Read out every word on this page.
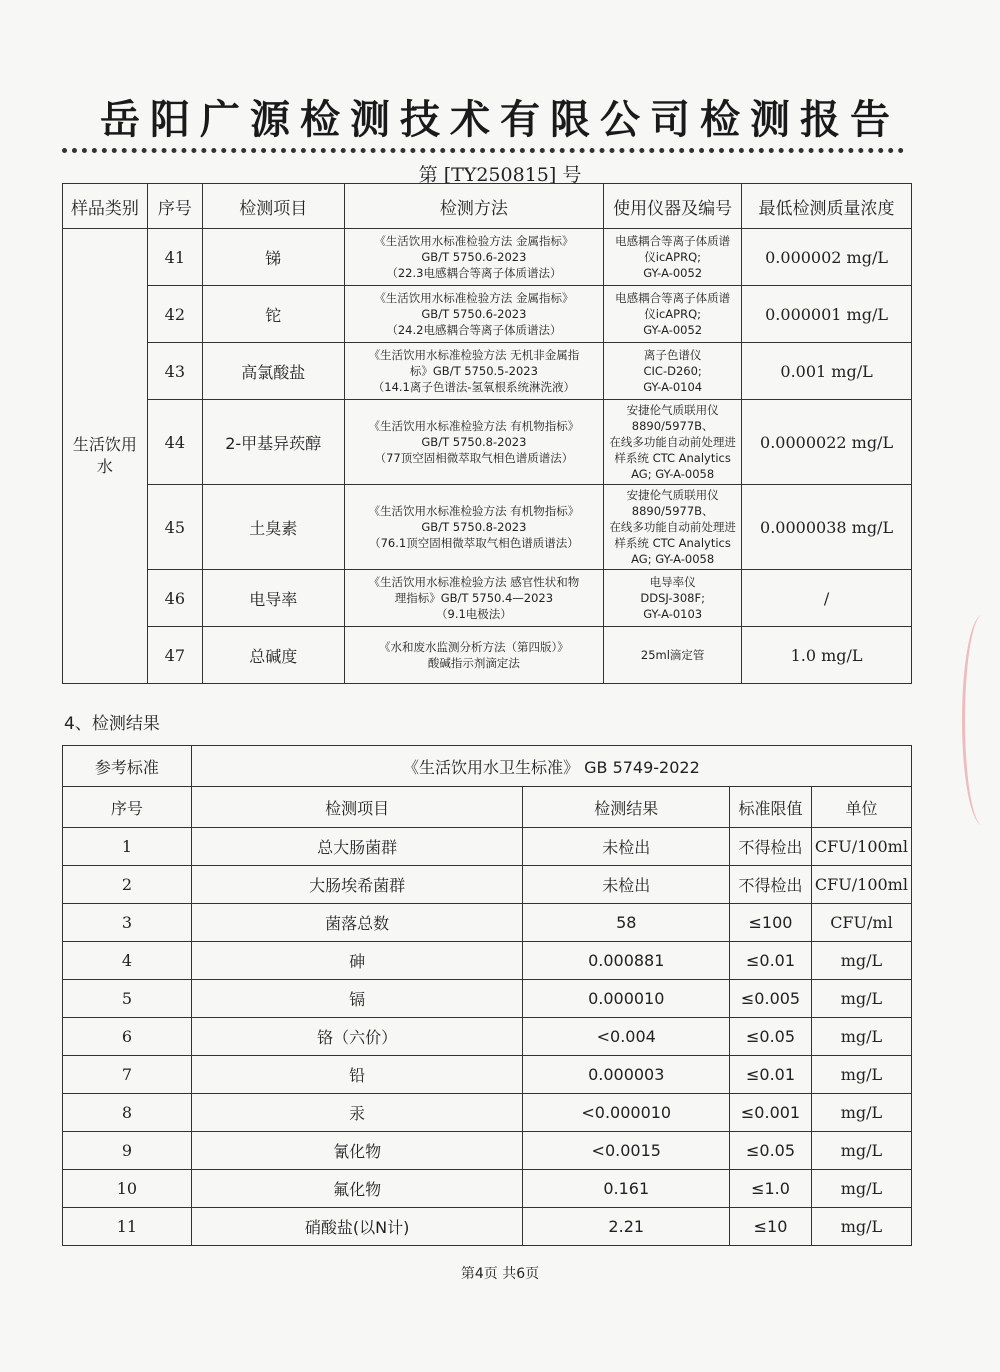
岳阳广源检测技术有限公司检测报告
第 [TY250815] 号
样品类别	序号	检测项目	检测方法	使用仪器及编号	最低检测质量浓度
生活饮用水	41	锑	《生活饮用水标准检验方法 金属指标》
GB/T 5750.6-2023
（22.3电感耦合等离子体质谱法）	电感耦合等离子体质谱
仪icAPRQ;
GY-A-0052	0.000002 mg/L
	42	铊	《生活饮用水标准检验方法 金属指标》
GB/T 5750.6-2023
（24.2电感耦合等离子体质谱法）	电感耦合等离子体质谱
仪icAPRQ;
GY-A-0052	0.000001 mg/L
	43	高氯酸盐	《生活饮用水标准检验方法 无机非金属指
标》GB/T 5750.5-2023
（14.1离子色谱法-氢氧根系统淋洗液）	离子色谱仪
CIC-D260;
GY-A-0104	0.001 mg/L
	44	2-甲基异莰醇	《生活饮用水标准检验方法 有机物指标》
GB/T 5750.8-2023
（77顶空固相微萃取气相色谱质谱法）	安捷伦气质联用仪
8890/5977B、
在线多功能自动前处理进
样系统 CTC Analytics
AG; GY-A-0058	0.0000022 mg/L
	45	土臭素	《生活饮用水标准检验方法 有机物指标》
GB/T 5750.8-2023
（76.1顶空固相微萃取气相色谱质谱法）	安捷伦气质联用仪
8890/5977B、
在线多功能自动前处理进
样系统 CTC Analytics
AG; GY-A-0058	0.0000038 mg/L
	46	电导率	《生活饮用水标准检验方法 感官性状和物
理指标》GB/T 5750.4—2023
（9.1电极法）	电导率仪
DDSJ-308F;
GY-A-0103	/
	47	总碱度	《水和废水监测分析方法（第四版）》
酸碱指示剂滴定法	25ml滴定管	1.0 mg/L
4、检测结果
参考标准	《生活饮用水卫生标准》 GB 5749-2022			
序号	检测项目	检测结果	标准限值	单位
1	总大肠菌群	未检出	不得检出	CFU/100ml
2	大肠埃希菌群	未检出	不得检出	CFU/100ml
3	菌落总数	58	≤100	CFU/ml
4	砷	0.000881	≤0.01	mg/L
5	镉	0.000010	≤0.005	mg/L
6	铬（六价）	<0.004	≤0.05	mg/L
7	铅	0.000003	≤0.01	mg/L
8	汞	<0.000010	≤0.001	mg/L
9	氰化物	<0.0015	≤0.05	mg/L
10	氟化物	0.161	≤1.0	mg/L
11	硝酸盐(以N计)	2.21	≤10	mg/L
第4页 共6页
